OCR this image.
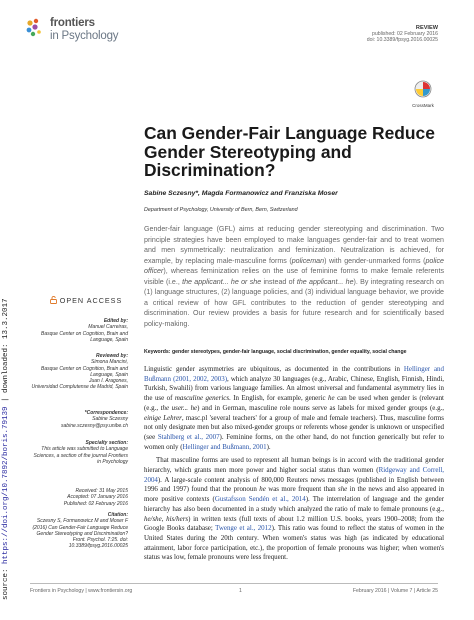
frontiers
in Psychology
REVIEW
published: 02 February 2016
doi: 10.3389/fpsyg.2016.00025
CrossMark
source: https://doi.org/10.7892/boris.79139 | downloaded: 13.3.2017
Can Gender-Fair Language Reduce Gender Stereotyping and Discrimination?
Sabine Sczesny*, Magda Formanowicz and Franziska Moser
Department of Psychology, University of Bern, Bern, Switzerland
Gender-fair language (GFL) aims at reducing gender stereotyping and discrimination. Two principle strategies have been employed to make languages gender-fair and to treat women and men symmetrically: neutralization and feminization. Neutralization is achieved, for example, by replacing male-masculine forms (policeman) with gender-unmarked forms (police officer), whereas feminization relies on the use of feminine forms to make female referents visible (i.e., the applicant... he or she instead of the applicant... he). By integrating research on (1) language structures, (2) language policies, and (3) individual language behavior, we provide a critical review of how GFL contributes to the reduction of gender stereotyping and discrimination. Our review provides a basis for future research and for scientifically based policy-making.
Keywords: gender stereotypes, gender-fair language, social discrimination, gender equality, social change
OPEN ACCESS
Edited by:
Manuel Carreiras,
Basque Center on Cognition, Brain and Language, Spain
Reviewed by:
Simona Mancini,
Basque Center on Cognition, Brain and Language, Spain
Juan I. Aragones,
Universidad Complutense de Madrid, Spain
*Correspondence:
Sabine Sczesny
sabine.sczesny@psy.unibe.ch
Specialty section:
This article was submitted to Language Sciences, a section of the journal Frontiers in Psychology
Received: 31 May 2015
Accepted: 07 January 2016
Published: 02 February 2016
Citation:
Sczesny S, Formanowicz M and Moser F (2016) Can Gender-Fair Language Reduce Gender Stereotyping and Discrimination? Front. Psychol. 7:25. doi: 10.3389/fpsyg.2016.00025

Linguistic gender asymmetries are ubiquitous, as documented in the contributions in Hellinger and Bußmann (2001, 2002, 2003), which analyze 30 languages (e.g., Arabic, Chinese, English, Finnish, Hindi, Turkish, Swahili) from various language families. An almost universal and fundamental asymmetry lies in the use of masculine generics. In English, for example, generic he can be used when gender is (relevant (e.g., the user... he) and in German, masculine role nouns serve as labels for mixed gender groups (e.g., einige Lehrer, masc.pl 'several teachers' for a group of male and female teachers). Thus, masculine forms not only designate men but also mixed-gender groups or referents whose gender is unknown or unspecified (see Stahlberg et al., 2007). Feminine forms, on the other hand, do not function generically but refer to women only (Hellinger and Bußmann, 2001).

That masculine forms are used to represent all human beings is in accord with the traditional gender hierarchy, which grants men more power and higher social status than women (Ridgeway and Correll, 2004). A large-scale content analysis of 800,000 Reuters news messages (published in English between 1996 and 1997) found that the pronoun he was more frequent than she in the news and also appeared in more positive contexts (Gustafsson Sendén et al., 2014). The interrelation of language and the gender hierarchy has also been documented in a study which analyzed the ratio of male to female pronouns (e.g., he/she, his/hers) in written texts (full texts of about 1.2 million U.S. books, years 1900–2008; from the Google Books database; Twenge et al., 2012). This ratio was found to reflect the status of women in the United States during the 20th century. When women's status was high (as indicated by educational attainment, labor force participation, etc.), the proportion of female pronouns was higher; when women's status was low, female pronouns were less frequent.

Frontiers in Psychology | www.frontiersin.org	1	February 2016 | Volume 7 | Article 25
